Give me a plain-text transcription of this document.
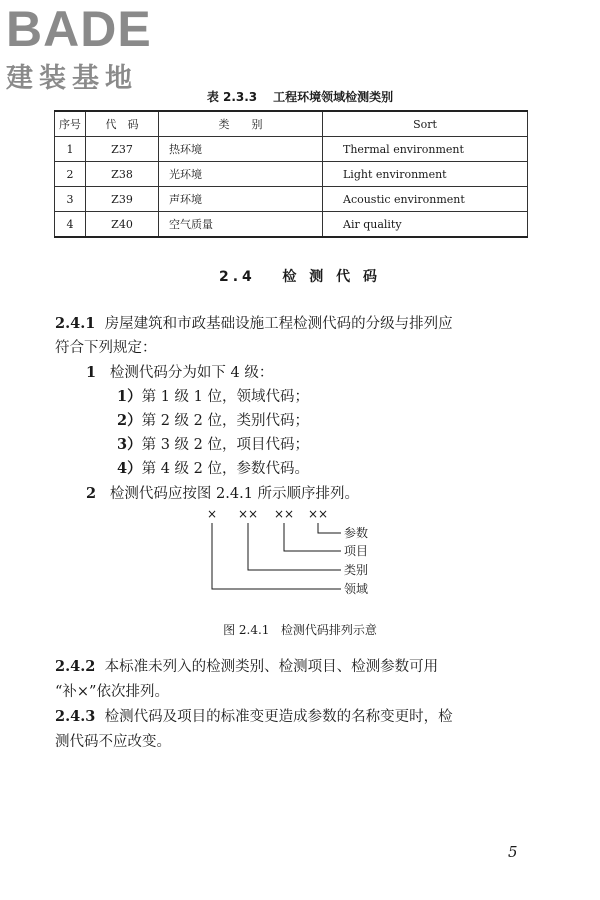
BADE
建装基地
表 2.3.3 工程环境领域检测类别
序号	代　码	类　　别	Sort
1	Z37	热环境	Thermal environment
2	Z38	光环境	Light environment
3	Z39	声环境	Acoustic environment
4	Z40	空气质量	Air quality
2.4 检 测 代 码
2.4.1 房屋建筑和市政基础设施工程检测代码的分级与排列应
符合下列规定：
1 检测代码分为如下 4 级：
1）第 1 级 1 位，领域代码；
2）第 2 级 2 位，类别代码；
3）第 3 级 2 位，项目代码；
4）第 4 级 2 位，参数代码。
2 检测代码应按图 2.4.1 所示顺序排列。
× ×× ×× ××
参数
项目
类别
领域
图 2.4.1 检测代码排列示意
2.4.2 本标准未列入的检测类别、检测项目、检测参数可用
“补×”依次排列。
2.4.3 检测代码及项目的标准变更造成参数的名称变更时，检
测代码不应改变。
5
